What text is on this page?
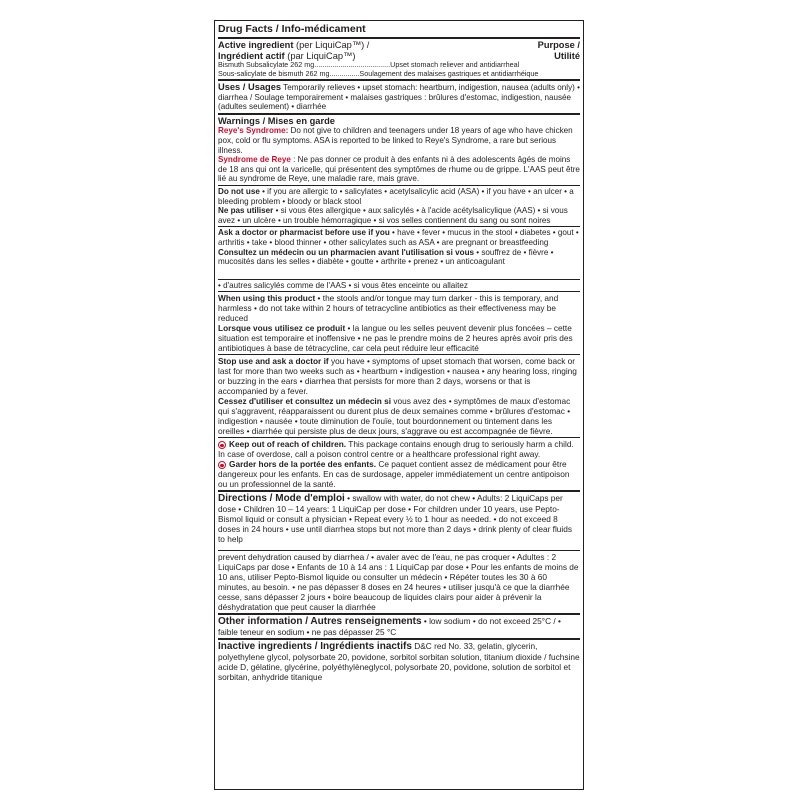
Drug Facts / Info-médicament
Active ingredient (per LiquiCap™) /
Ingrédient actif (par LiquiCap™)
Purpose /
Utilité
Bismuth Subsalicylate 262 mg......................................Upset stomach reliever and antidiarrheal
Sous-salicylate de bismuth 262 mg...............Soulagement des malaises gastriques et antidiarrhéique

Uses / Usages Temporarily relieves • upset stomach: heartburn, indigestion, nausea (adults only) • diarrhea / Soulage temporairement • malaises gastriques : brûlures d'estomac, indigestion, nausée (adultes seulement) • diarrhée

Warnings / Mises en garde

Reye's Syndrome: Do not give to children and teenagers under 18 years of age who have chicken pox, cold or flu symptoms. ASA is reported to be linked to Reye's Syndrome, a rare but serious illness.

Syndrome de Reye : Ne pas donner ce produit à des enfants ni à des adolescents âgés de moins de 18 ans qui ont la varicelle, qui présentent des symptômes de rhume ou de grippe. L'AAS peut être lié au syndrome de Reye, une maladie rare, mais grave.

Do not use • if you are allergic to • salicylates • acetylsalicylic acid (ASA) • if you have • an ulcer • a bleeding problem • bloody or black stool

Ne pas utiliser • si vous êtes allergique • aux salicylés • à l'acide acétylsalicylique (AAS) • si vous avez • un ulcère • un trouble hémorragique • si vos selles contiennent du sang ou sont noires

Ask a doctor or pharmacist before use if you • have • fever • mucus in the stool • diabetes • gout • arthritis • take • blood thinner • other salicylates such as ASA • are pregnant or breastfeeding

Consultez un médecin ou un pharmacien avant l'utilisation si vous • souffrez de • fièvre • mucosités dans les selles • diabète • goutte • arthrite • prenez • un anticoagulant

• d'autres salicylés comme de l'AAS • si vous êtes enceinte ou allaitez

When using this product • the stools and/or tongue may turn darker - this is temporary, and harmless • do not take within 2 hours of tetracycline antibiotics as their effectiveness may be reduced

Lorsque vous utilisez ce produit • la langue ou les selles peuvent devenir plus foncées – cette situation est temporaire et inoffensive • ne pas le prendre moins de 2 heures après avoir pris des antibiotiques à base de tétracycline, car cela peut réduire leur efficacité

Stop use and ask a doctor if you have • symptoms of upset stomach that worsen, come back or last for more than two weeks such as • heartburn • indigestion • nausea • any hearing loss, ringing or buzzing in the ears • diarrhea that persists for more than 2 days, worsens or that is accompanied by a fever.

Cessez d'utiliser et consultez un médecin si vous avez des • symptômes de maux d'estomac qui s'aggravent, réapparaissent ou durent plus de deux semaines comme • brûlures d'estomac • indigestion • nausée • toute diminution de l'ouïe, tout bourdonnement ou tintement dans les oreilles • diarrhée qui persiste plus de deux jours, s'aggrave ou est accompagnée de fièvre.

Keep out of reach of children. This package contains enough drug to seriously harm a child. In case of overdose, call a poison control centre or a healthcare professional right away.

Garder hors de la portée des enfants. Ce paquet contient assez de médicament pour être dangereux pour les enfants. En cas de surdosage, appeler immédiatement un centre antipoison ou un professionnel de la santé.

Directions / Mode d'emploi • swallow with water, do not chew • Adults: 2 LiquiCaps per dose • Children 10 – 14 years: 1 LiquiCap per dose • For children under 10 years, use Pepto-Bismol liquid or consult a physician • Repeat every ½ to 1 hour as needed. • do not exceed 8 doses in 24 hours • use until diarrhea stops but not more than 2 days • drink plenty of clear fluids to help

prevent dehydration caused by diarrhea / • avaler avec de l'eau, ne pas croquer • Adultes : 2 LiquiCaps par dose • Enfants de 10 à 14 ans : 1 LiquiCap par dose • Pour les enfants de moins de 10 ans, utiliser Pepto-Bismol liquide ou consulter un médecin • Répéter toutes les 30 à 60 minutes, au besoin. • ne pas dépasser 8 doses en 24 heures • utiliser jusqu'à ce que la diarrhée cesse, sans dépasser 2 jours • boire beaucoup de liquides clairs pour aider à prévenir la déshydratation que peut causer la diarrhée

Other information / Autres renseignements • low sodium • do not exceed 25°C / • faible teneur en sodium • ne pas dépasser 25 °C

Inactive ingredients / Ingrédients inactifs D&C red No. 33, gelatin, glycerin, polyethylene glycol, polysorbate 20, povidone, sorbitol sorbitan solution, titanium dioxide / fuchsine acide D, gélatine, glycérine, polyéthylèneglycol, polysorbate 20, povidone, solution de sorbitol et sorbitan, anhydride titanique
